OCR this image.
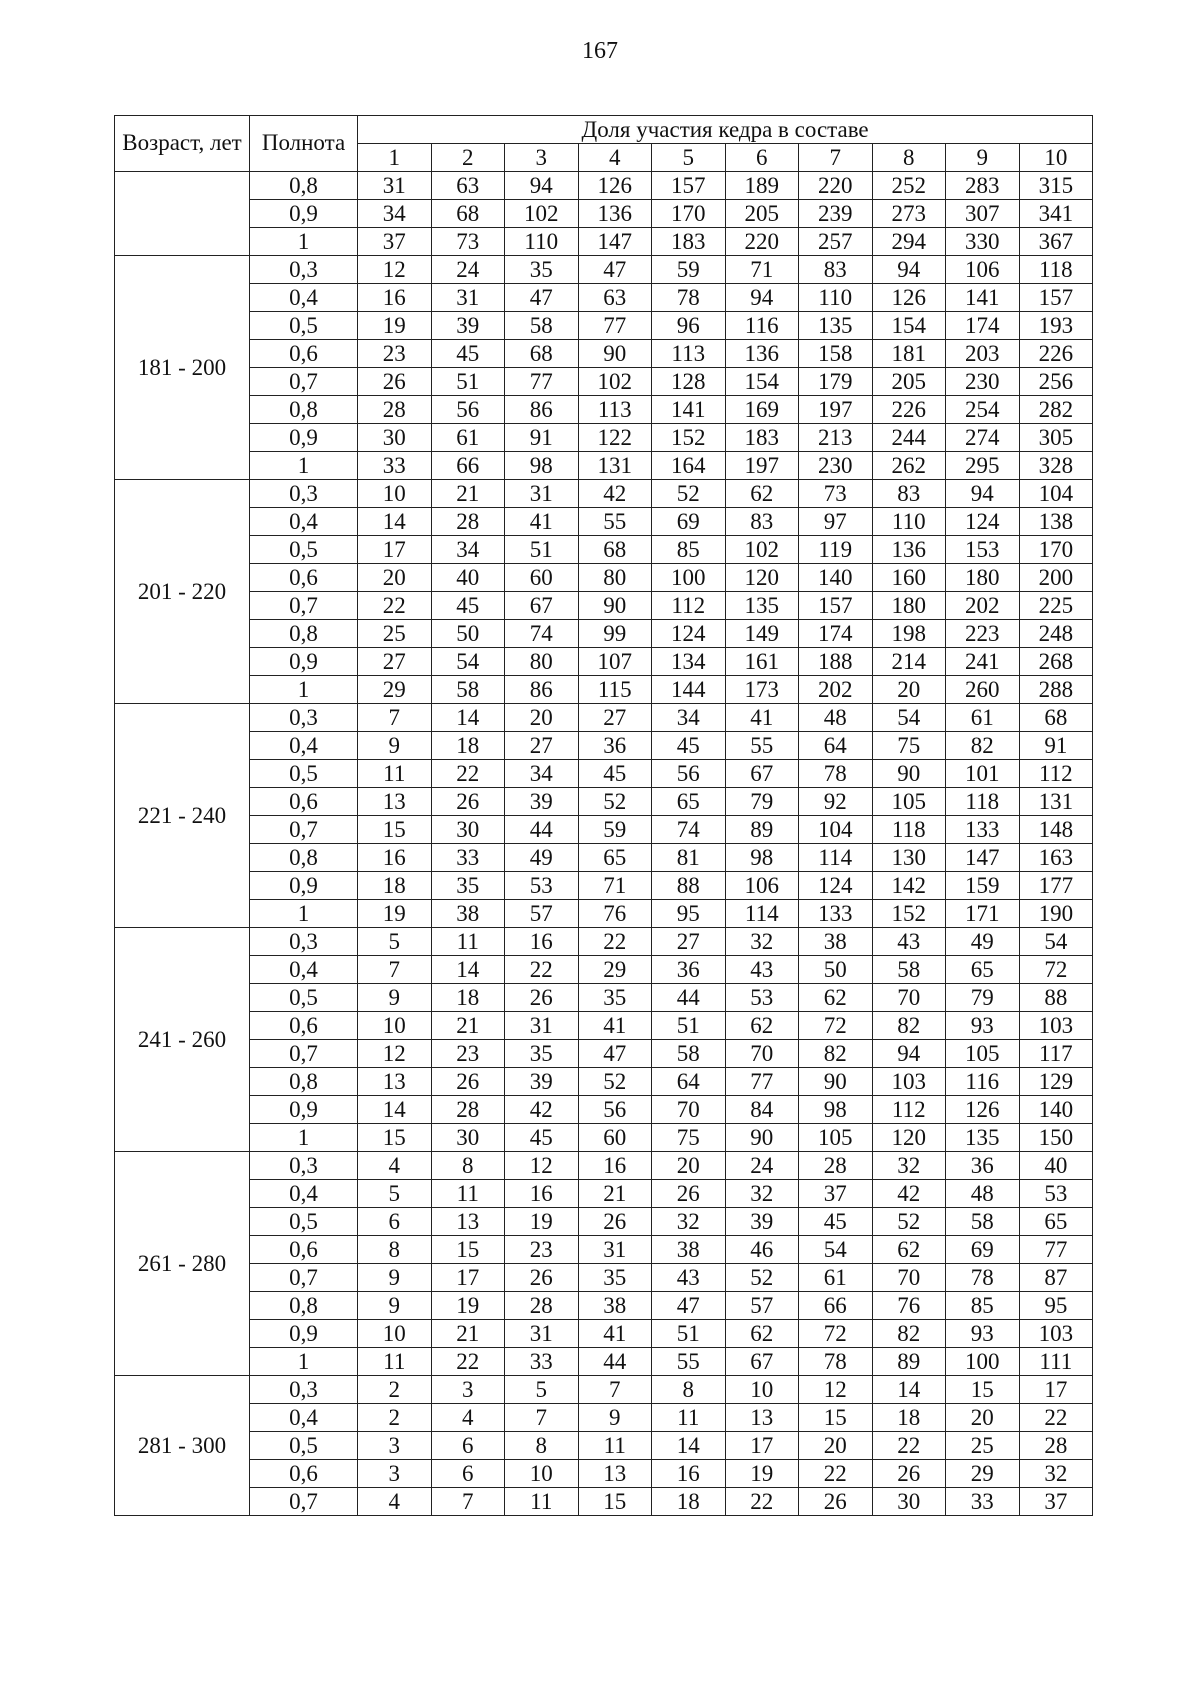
167
Возраст, лет	Полнота	Доля участия кедра в составе									
		1	2	3	4	5	6	7	8	9	10
	0,8	31	63	94	126	157	189	220	252	283	315
	0,9	34	68	102	136	170	205	239	273	307	341
	1	37	73	110	147	183	220	257	294	330	367
181 - 200	0,3	12	24	35	47	59	71	83	94	106	118
	0,4	16	31	47	63	78	94	110	126	141	157
	0,5	19	39	58	77	96	116	135	154	174	193
	0,6	23	45	68	90	113	136	158	181	203	226
	0,7	26	51	77	102	128	154	179	205	230	256
	0,8	28	56	86	113	141	169	197	226	254	282
	0,9	30	61	91	122	152	183	213	244	274	305
	1	33	66	98	131	164	197	230	262	295	328
201 - 220	0,3	10	21	31	42	52	62	73	83	94	104
	0,4	14	28	41	55	69	83	97	110	124	138
	0,5	17	34	51	68	85	102	119	136	153	170
	0,6	20	40	60	80	100	120	140	160	180	200
	0,7	22	45	67	90	112	135	157	180	202	225
	0,8	25	50	74	99	124	149	174	198	223	248
	0,9	27	54	80	107	134	161	188	214	241	268
	1	29	58	86	115	144	173	202	20	260	288
221 - 240	0,3	7	14	20	27	34	41	48	54	61	68
	0,4	9	18	27	36	45	55	64	75	82	91
	0,5	11	22	34	45	56	67	78	90	101	112
	0,6	13	26	39	52	65	79	92	105	118	131
	0,7	15	30	44	59	74	89	104	118	133	148
	0,8	16	33	49	65	81	98	114	130	147	163
	0,9	18	35	53	71	88	106	124	142	159	177
	1	19	38	57	76	95	114	133	152	171	190
241 - 260	0,3	5	11	16	22	27	32	38	43	49	54
	0,4	7	14	22	29	36	43	50	58	65	72
	0,5	9	18	26	35	44	53	62	70	79	88
	0,6	10	21	31	41	51	62	72	82	93	103
	0,7	12	23	35	47	58	70	82	94	105	117
	0,8	13	26	39	52	64	77	90	103	116	129
	0,9	14	28	42	56	70	84	98	112	126	140
	1	15	30	45	60	75	90	105	120	135	150
261 - 280	0,3	4	8	12	16	20	24	28	32	36	40
	0,4	5	11	16	21	26	32	37	42	48	53
	0,5	6	13	19	26	32	39	45	52	58	65
	0,6	8	15	23	31	38	46	54	62	69	77
	0,7	9	17	26	35	43	52	61	70	78	87
	0,8	9	19	28	38	47	57	66	76	85	95
	0,9	10	21	31	41	51	62	72	82	93	103
	1	11	22	33	44	55	67	78	89	100	111
281 - 300	0,3	2	3	5	7	8	10	12	14	15	17
	0,4	2	4	7	9	11	13	15	18	20	22
	0,5	3	6	8	11	14	17	20	22	25	28
	0,6	3	6	10	13	16	19	22	26	29	32
	0,7	4	7	11	15	18	22	26	30	33	37
